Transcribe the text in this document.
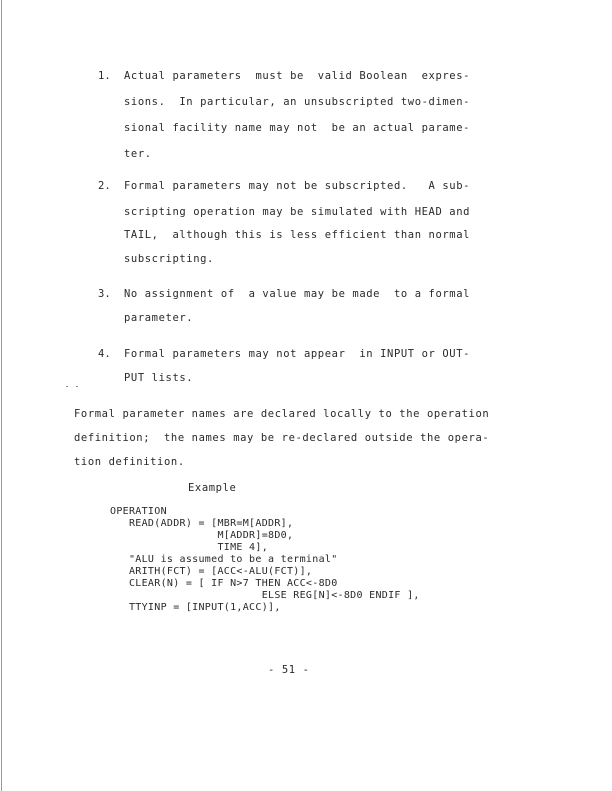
1. Actual parameters  must be  valid Boolean  expres-
sions.  In particular, an unsubscripted two-dimen-
sional facility name may not  be an actual parame-
ter.
2. Formal parameters may not be subscripted.   A sub-
scripting operation may be simulated with HEAD and
TAIL,  although this is less efficient than normal
subscripting.
3. No assignment of  a value may be made  to a formal
parameter.
4. Formal parameters may not appear  in INPUT or OUT-
PUT lists.
Formal parameter names are declared locally to the operation
definition;  the names may be re-declared outside the opera-
tion definition.
Example
OPERATION
READ(ADDR) = [MBR=M[ADDR],
M[ADDR]=8D0,
TIME 4],
"ALU is assumed to be a terminal"
ARITH(FCT) = [ACC<-ALU(FCT)],
CLEAR(N) = [ IF N>7 THEN ACC<-8D0
ELSE REG[N]<-8D0 ENDIF ],
TTYINP = [INPUT(1,ACC)],
- 51 -
